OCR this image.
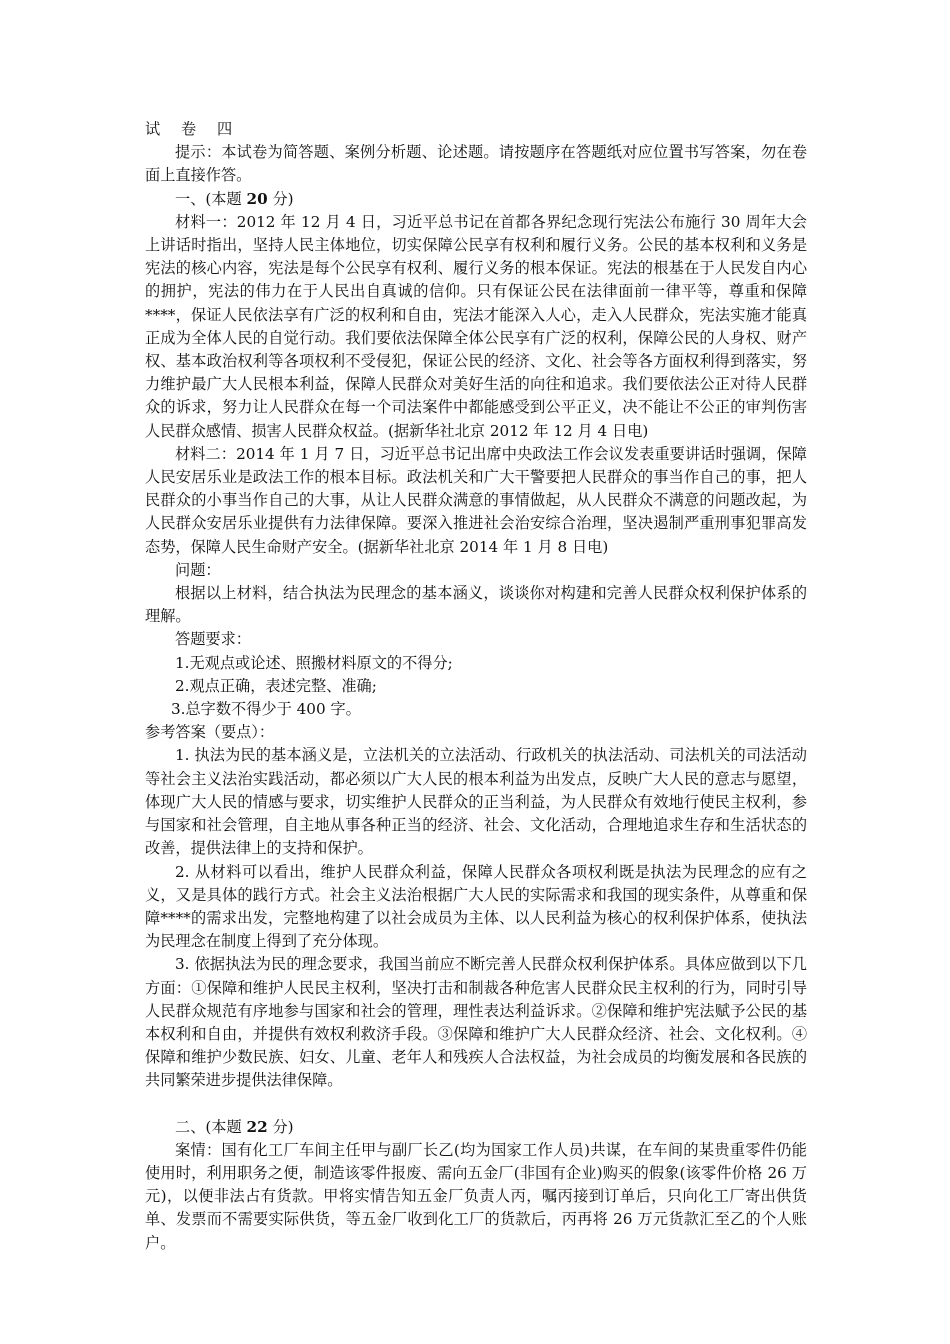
试 卷 四

提示：本试卷为简答题、案例分析题、论述题。请按题序在答题纸对应位置书写答案，勿在卷面上直接作答。

一、(本题 20 分)

材料一：2012 年 12 月 4 日，习近平总书记在首都各界纪念现行宪法公布施行 30 周年大会上讲话时指出，坚持人民主体地位，切实保障公民享有权利和履行义务。公民的基本权利和义务是宪法的核心内容，宪法是每个公民享有权利、履行义务的根本保证。宪法的根基在于人民发自内心的拥护，宪法的伟力在于人民出自真诚的信仰。只有保证公民在法律面前一律平等，尊重和保障****，保证人民依法享有广泛的权利和自由，宪法才能深入人心，走入人民群众，宪法实施才能真正成为全体人民的自觉行动。我们要依法保障全体公民享有广泛的权利，保障公民的人身权、财产权、基本政治权利等各项权利不受侵犯，保证公民的经济、文化、社会等各方面权利得到落实，努力维护最广大人民根本利益，保障人民群众对美好生活的向往和追求。我们要依法公正对待人民群众的诉求，努力让人民群众在每一个司法案件中都能感受到公平正义，决不能让不公正的审判伤害人民群众感情、损害人民群众权益。(据新华社北京 2012 年 12 月 4 日电)

材料二：2014 年 1 月 7 日，习近平总书记出席中央政法工作会议发表重要讲话时强调，保障人民安居乐业是政法工作的根本目标。政法机关和广大干警要把人民群众的事当作自己的事，把人民群众的小事当作自己的大事，从让人民群众满意的事情做起，从人民群众不满意的问题改起，为人民群众安居乐业提供有力法律保障。要深入推进社会治安综合治理，坚决遏制严重刑事犯罪高发态势，保障人民生命财产安全。(据新华社北京 2014 年 1 月 8 日电)

问题：

根据以上材料，结合执法为民理念的基本涵义，谈谈你对构建和完善人民群众权利保护体系的理解。

答题要求：

1.无观点或论述、照搬材料原文的不得分;

2.观点正确，表述完整、准确;

3.总字数不得少于 400 字。

参考答案（要点）：

1. 执法为民的基本涵义是，立法机关的立法活动、行政机关的执法活动、司法机关的司法活动等社会主义法治实践活动，都必须以广大人民的根本利益为出发点，反映广大人民的意志与愿望，体现广大人民的情感与要求，切实维护人民群众的正当利益，为人民群众有效地行使民主权利，参与国家和社会管理，自主地从事各种正当的经济、社会、文化活动，合理地追求生存和生活状态的改善，提供法律上的支持和保护。

2. 从材料可以看出，维护人民群众利益，保障人民群众各项权利既是执法为民理念的应有之义，又是具体的践行方式。社会主义法治根据广大人民的实际需求和我国的现实条件，从尊重和保障****的需求出发，完整地构建了以社会成员为主体、以人民利益为核心的权利保护体系，使执法为民理念在制度上得到了充分体现。

3. 依据执法为民的理念要求，我国当前应不断完善人民群众权利保护体系。具体应做到以下几方面：①保障和维护人民民主权利，坚决打击和制裁各种危害人民群众民主权利的行为，同时引导人民群众规范有序地参与国家和社会的管理，理性表达利益诉求。②保障和维护宪法赋予公民的基本权利和自由，并提供有效权利救济手段。③保障和维护广大人民群众经济、社会、文化权利。④保障和维护少数民族、妇女、儿童、老年人和残疾人合法权益，为社会成员的均衡发展和各民族的共同繁荣进步提供法律保障。

二、(本题 22 分)

案情：国有化工厂车间主任甲与副厂长乙(均为国家工作人员)共谋，在车间的某贵重零件仍能使用时，利用职务之便，制造该零件报废、需向五金厂(非国有企业)购买的假象(该零件价格 26 万元)，以便非法占有货款。甲将实情告知五金厂负责人丙，嘱丙接到订单后，只向化工厂寄出供货单、发票而不需要实际供货，等五金厂收到化工厂的货款后，丙再将 26 万元货款汇至乙的个人账户。
